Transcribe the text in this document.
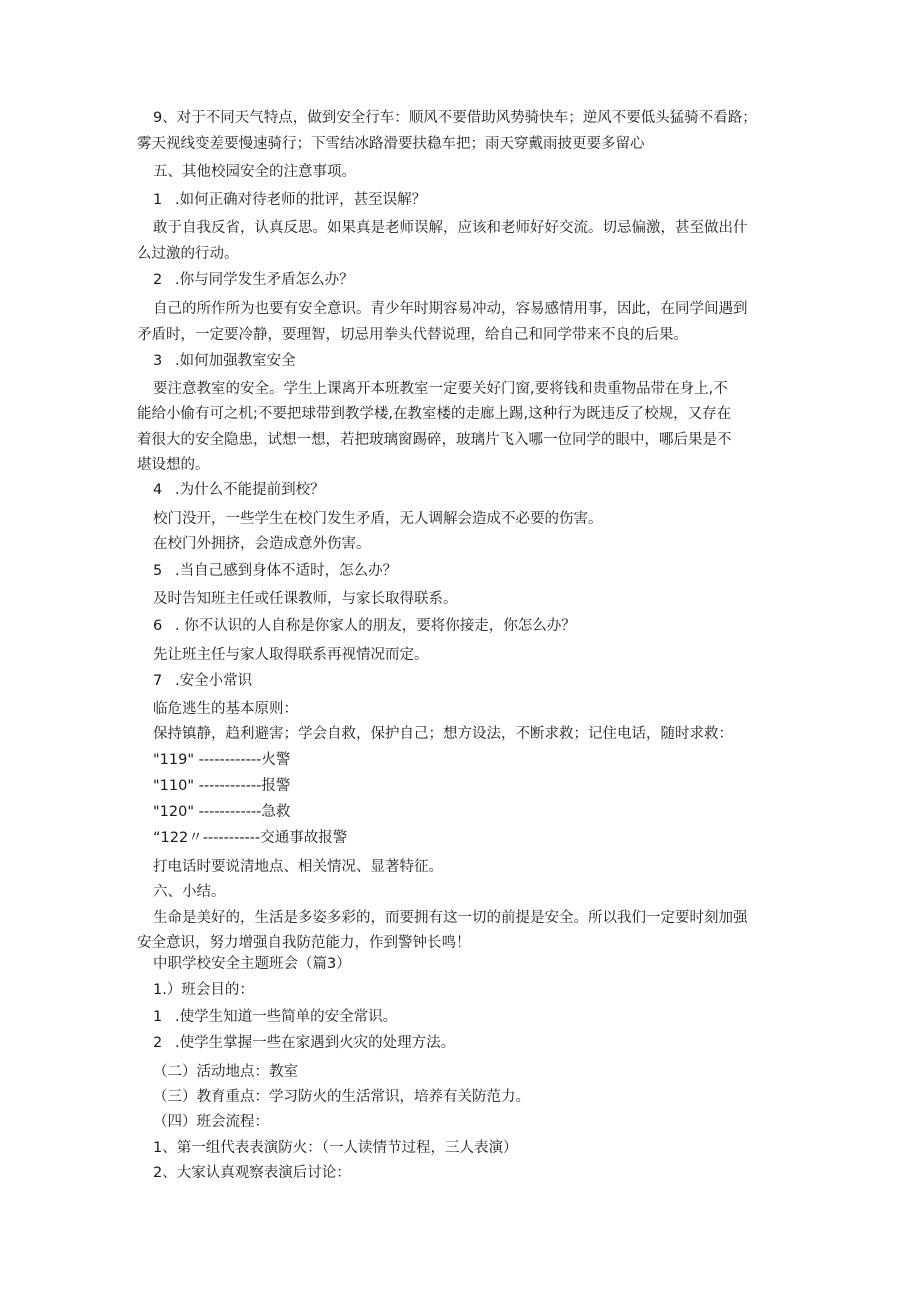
9、对于不同天气特点，做到安全行车：顺风不要借助风势骑快车；逆风不要低头猛骑不看路；
雾天视线变差要慢速骑行；下雪结冰路滑要扶稳车把；雨天穿戴雨披更要多留心
五、其他校园安全的注意事项。
1 .如何正确对待老师的批评，甚至误解？
敢于自我反省，认真反思。如果真是老师误解，应该和老师好好交流。切忌偏激，甚至做出什
么过激的行动。
2 .你与同学发生矛盾怎么办？
自己的所作所为也要有安全意识。青少年时期容易冲动，容易感情用事，因此，在同学间遇到
矛盾时，一定要冷静，要理智，切忌用拳头代替说理，给自己和同学带来不良的后果。
3 .如何加强教室安全
要注意教室的安全。学生上课离开本班教室一定要关好门窗,要将钱和贵重物品带在身上,不
能给小偷有可之机;不要把球带到教学楼,在教室楼的走廊上踢,这种行为既违反了校规，又存在
着很大的安全隐患，试想一想，若把玻璃窗踢碎，玻璃片飞入哪一位同学的眼中，哪后果是不
堪设想的。
4 .为什么不能提前到校？
校门没开，一些学生在校门发生矛盾，无人调解会造成不必要的伤害。
在校门外拥挤，会造成意外伤害。
5 .当自己感到身体不适时，怎么办？
及时告知班主任或任课教师，与家长取得联系。
6 . 你不认识的人自称是你家人的朋友，要将你接走，你怎么办？
先让班主任与家人取得联系再视情况而定。
7 .安全小常识
临危逃生的基本原则：
保持镇静，趋利避害；学会自救，保护自己；想方设法，不断求救；记住电话，随时求救：
"119" ------------火警
"110" ------------报警
"120" ------------急救
“122〃-----------交通事故报警
打电话时要说清地点、相关情况、显著特征。
六、小结。
生命是美好的，生活是多姿多彩的，而要拥有这一切的前提是安全。所以我们一定要时刻加强
安全意识，努力增强自我防范能力，作到警钟长鸣！
中职学校安全主题班会（篇3）
1.）班会目的：
1 .使学生知道一些简单的安全常识。
2 .使学生掌握一些在家遇到火灾的处理方法。
（二）活动地点：教室
（三）教育重点：学习防火的生活常识，培养有关防范力。
（四）班会流程：
1、第一组代表表演防火：（一人读情节过程，三人表演）
2、大家认真观察表演后讨论：
